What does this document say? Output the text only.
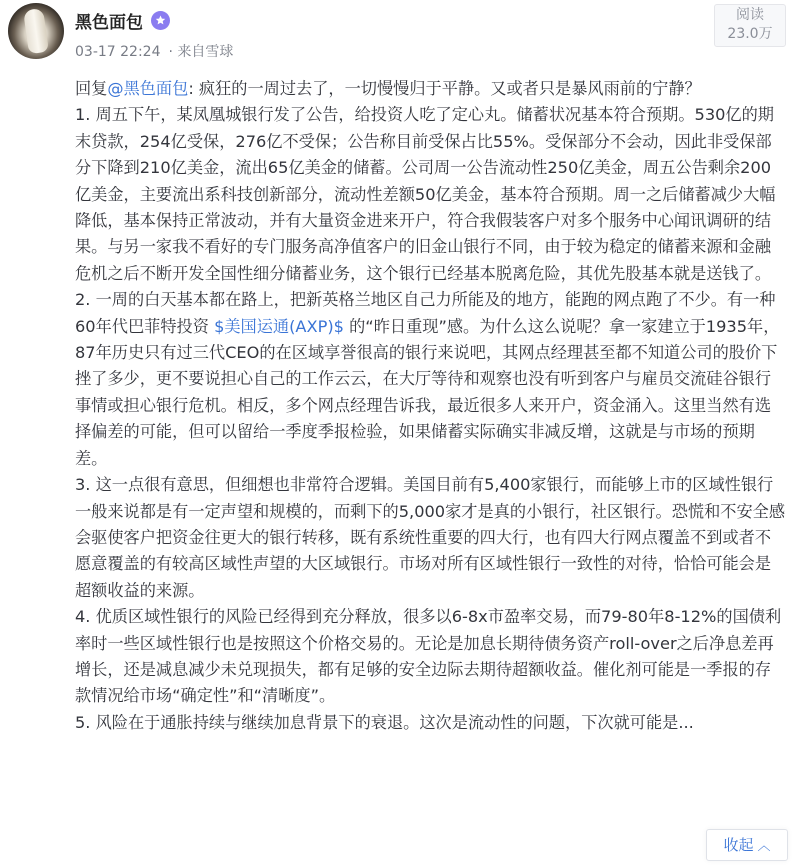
黑色面包
03-17 22:24 · 来自雪球
阅读
23.0万

回复@黑色面包: 疯狂的一周过去了，一切慢慢归于平静。又或者只是暴风雨前的宁静？

1. 周五下午，某凤凰城银行发了公告，给投资人吃了定心丸。储蓄状况基本符合预期。530亿的期末贷款，254亿受保，276亿不受保；公告称目前受保占比55%。受保部分不会动，因此非受保部分下降到210亿美金，流出65亿美金的储蓄。公司周一公告流动性250亿美金，周五公告剩余200亿美金，主要流出系科技创新部分，流动性差额50亿美金，基本符合预期。周一之后储蓄减少大幅降低，基本保持正常波动，并有大量资金进来开户，符合我假装客户对多个服务中心闻讯调研的结果。与另一家我不看好的专门服务高净值客户的旧金山银行不同，由于较为稳定的储蓄来源和金融危机之后不断开发全国性细分储蓄业务，这个银行已经基本脱离危险，其优先股基本就是送钱了。

2. 一周的白天基本都在路上，把新英格兰地区自己力所能及的地方，能跑的网点跑了不少。有一种60年代巴菲特投资 $美国运通(AXP)$ 的“昨日重现”感。为什么这么说呢？拿一家建立于1935年，87年历史只有过三代CEO的在区域享誉很高的银行来说吧，其网点经理甚至都不知道公司的股价下挫了多少，更不要说担心自己的工作云云，在大厅等待和观察也没有听到客户与雇员交流硅谷银行事情或担心银行危机。相反，多个网点经理告诉我，最近很多人来开户，资金涌入。这里当然有选择偏差的可能，但可以留给一季度季报检验，如果储蓄实际确实非减反增，这就是与市场的预期差。

3. 这一点很有意思，但细想也非常符合逻辑。美国目前有5,400家银行，而能够上市的区域性银行一般来说都是有一定声望和规模的，而剩下的5,000家才是真的小银行，社区银行。恐慌和不安全感会驱使客户把资金往更大的银行转移，既有系统性重要的四大行，也有四大行网点覆盖不到或者不愿意覆盖的有较高区域性声望的大区域银行。市场对所有区域性银行一致性的对待，恰恰可能会是超额收益的来源。

4. 优质区域性银行的风险已经得到充分释放，很多以6-8x市盈率交易，而79-80年8-12%的国债利率时一些区域性银行也是按照这个价格交易的。无论是加息长期待债务资产roll-over之后净息差再增长，还是减息减少未兑现损失，都有足够的安全边际去期待超额收益。催化剂可能是一季报的存款情况给市场“确定性”和“清晰度”。

5. 风险在于通胀持续与继续加息背景下的衰退。这次是流动性的问题，下次就可能是...

收起 ︿
